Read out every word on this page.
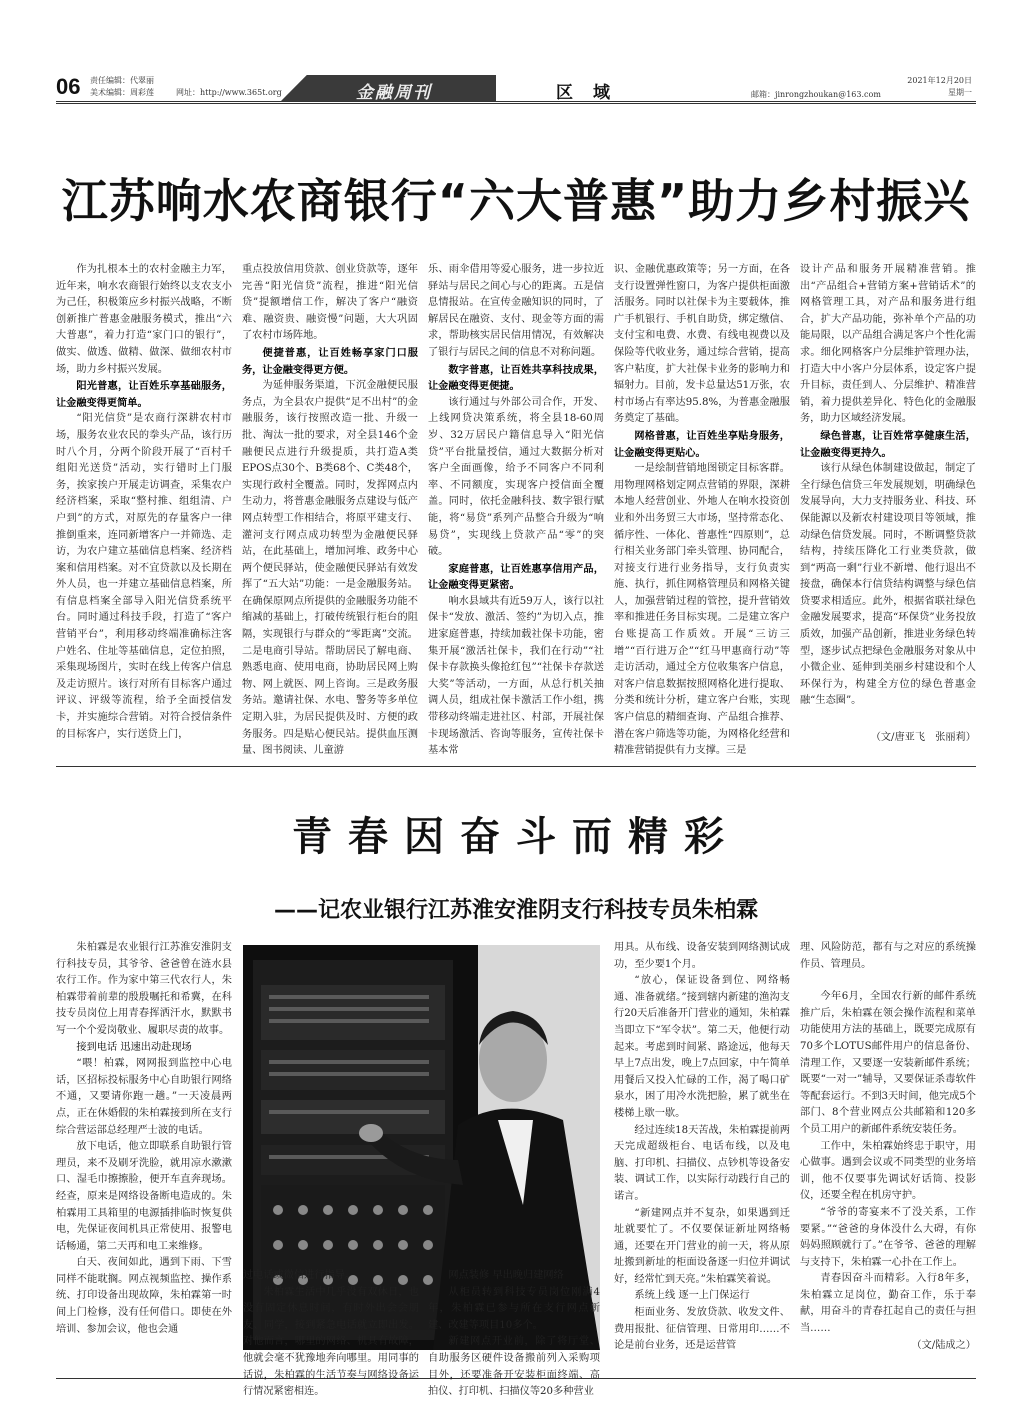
06 责任编辑：代翠丽
美术编辑：周彩莲	网址：http://www.365t.org	金融周刊	区域	邮箱：jinrongzhoukan@163.com
2021年12月20日
星期一
江苏响水农商银行“六大普惠”助力乡村振兴

作为扎根本土的农村金融主力军，近年来，响水农商银行始终以支农支小为己任，积极策应乡村振兴战略，不断创新推广普惠金融服务模式，推出“六大普惠”，着力打造“家门口的银行”，做实、做透、做精、做深、做细农村市场，助力乡村振兴发展。

阳光普惠，让百姓乐享基础服务，让金融变得更简单。

“阳光信贷”是农商行深耕农村市场，服务农业农民的拳头产品，该行历时八个月，分两个阶段开展了“百村千组阳光送贷”活动，实行错时上门服务，挨家挨户开展走访调查，采集农户经济档案，采取“整村推、组组清、户户到”的方式，对原先的存量客户一律推倒重来，连同新增客户一并筛选、走访，为农户建立基础信息档案、经济档案和信用档案。对不宜贷款以及长期在外人员，也一并建立基础信息档案，所有信息档案全部导入阳光信贷系统平台。同时通过科技手段，打造了“客户营销平台”，利用移动终端准确标注客户姓名、住址等基础信息，定位拍照，采集现场图片，实时在线上传客户信息及走访照片。该行对所有目标客户通过评议、评级等流程，给予全面授信发卡，并实施综合营销。对符合授信条件的目标客户，实行送贷上门，

重点投放信用贷款、创业贷款等，逐年完善“阳光信贷”流程，推进“阳光信贷”提额增信工作，解决了客户“融资难、融资贵、融资慢”问题，大大巩固了农村市场阵地。

便捷普惠，让百姓畅享家门口服务，让金融变得更方便。

为延伸服务渠道，下沉金融便民服务点，为全县农户提供“足不出村”的金融服务，该行按照改造一批、升级一批、淘汰一批的要求，对全县146个金融便民点进行升级提质，共打造A类EPOS点30个、B类68个、C类48个，实现行政村全覆盖。同时，发挥网点内生动力，将普惠金融服务点建设与低产网点转型工作相结合，将原平建支行、灌河支行网点成功转型为金融便民驿站，在此基础上，增加河堆、政务中心两个便民驿站，使金融便民驿站有效发挥了“五大站”功能：一是金融服务站。在确保原网点所提供的金融服务功能不缩减的基础上，打破传统银行柜台的阻隔，实现银行与群众的“零距离”交流。二是电商引导站。帮助居民了解电商、熟悉电商、使用电商，协助居民网上购物、网上就医、网上咨询。三是政务服务站。邀请社保、水电、警务等多单位定期入驻，为居民提供及时、方便的政务服务。四是贴心便民站。提供血压测量、图书阅读、儿童游

乐、雨伞借用等爱心服务，进一步拉近驿站与居民之间心与心的距离。五是信息情报站。在宣传金融知识的同时，了解居民在融资、支付、现金等方面的需求，帮助核实居民信用情况，有效解决了银行与居民之间的信息不对称问题。

数字普惠，让百姓共享科技成果，让金融变得更便捷。

该行通过与外部公司合作，开发、上线网贷决策系统，将全县18-60周岁、32万居民户籍信息导入“阳光信贷”平台批量授信，通过大数据分析对客户全面画像，给予不同客户不同利率、不同额度，实现客户授信面全覆盖。同时，依托金融科技、数字银行赋能，将“易贷”系列产品整合升级为“响易贷”，实现线上贷款产品“零”的突破。

家庭普惠，让百姓惠享信用产品，让金融变得更紧密。

响水县域共有近59万人，该行以社保卡“发放、激活、签约”为切入点，推进家庭普惠，持续加载社保卡功能，密集开展“激活社保卡，我们在行动”“社保卡存款换头像抢红包”“社保卡存款送大奖”等活动，一方面，从总行机关抽调人员，组成社保卡激活工作小组，携带移动终端走进社区、村部，开展社保卡现场激活、咨询等服务，宣传社保卡基本常

识、金融优惠政策等；另一方面，在各支行设置弹性窗口，为客户提供柜面激活服务。同时以社保卡为主要载体，推广手机银行、手机自助贷，绑定缴信、支付宝和电费、水费、有线电视费以及保险等代收业务，通过综合营销，提高客户粘度，扩大社保卡业务的影响力和辐射力。目前，发卡总量达51万张，农村市场占有率达95.8%，为普惠金融服务奠定了基础。

网格普惠，让百姓坐享贴身服务，让金融变得更贴心。

一是绘制营销地图锁定目标客群。用物理网格划定网点营销的界限，深耕本地人经营创业、外地人在响水投资创业和外出务贸三大市场，坚持常态化、循序性、一体化、普惠性“四原则”，总行相关业务部门牵头管理、协同配合，对接支行进行业务指导，支行负责实施、执行，抓住网格管理员和网格关键人，加强营销过程的管控，提升营销效率和推进任务目标实现。二是建立客户台账提高工作质效。开展“三访三增”“百行进万企”“红马甲惠商行动”等走访活动，通过全方位收集客户信息，对客户信息数据按照网格化进行提取、分类和统计分析，建立客户台账，实现客户信息的精细查询、产品组合推荐、潜在客户筛选等功能，为网格化经营和精准营销提供有力支撑。三是

设计产品和服务开展精准营销。推出“产品组合+营销方案+营销话术”的网格管理工具，对产品和服务进行组合，扩大产品功能，弥补单个产品的功能局限，以产品组合满足客户个性化需求。细化网格客户分层维护管理办法，打造大中小客户分层体系，设定客户提升目标，责任到人、分层维护、精准营销，着力提供差异化、特色化的金融服务，助力区域经济发展。

绿色普惠，让百姓常享健康生活，让金融变得更持久。

该行从绿色体制建设做起，制定了全行绿色信贷三年发展规划，明确绿色发展导向，大力支持服务业、科技、环保能源以及新农村建设项目等领域，推动绿色信贷发展。同时，不断调整贷款结构，持续压降化工行业类贷款，做到“两高一剩”行业不新增、他行退出不接盘，确保本行信贷结构调整与绿色信贷要求相适应。此外，根据省联社绿色金融发展要求，提高“环保贷”业务投放质效，加强产品创新，推进业务绿色转型，逐步试点把绿色金融服务对象从中小微企业、延伸到美丽乡村建设和个人环保行为，构建全方位的绿色普惠金融“生态圈”。

（文/唐亚飞　张丽莉）

青春因奋斗而精彩
——记农业银行江苏淮安淮阴支行科技专员朱柏霖

朱柏霖是农业银行江苏淮安淮阴支行科技专员，其爷爷、爸爸曾在涟水县农行工作。作为家中第三代农行人，朱柏霖带着前辈的殷殷嘱托和希冀，在科技专员岗位上用青春挥洒汗水，默默书写一个个爱岗敬业、履职尽责的故事。

接到电话 迅速出动赴现场

“喂！柏霖，网网报到监控中心电话，区招标投标服务中心自助银行网络不通，又要请你跑一趟。”一天凌晨两点，正在休婚假的朱柏霖接到所在支行综合营运部总经理严士波的电话。

放下电话，他立即联系自助银行管理员，来不及刷牙洗脸，就用凉水漱漱口、湿毛巾擦擦脸，便开车直奔现场。经查，原来是网络设备断电造成的。朱柏霖用工具箱里的电源插排临时恢复供电，先保证夜间机具正常使用、报警电话畅通，第二天再和电工来维修。

白天、夜间如此，遇到下雨、下雪同样不能耽搁。网点视频监控、操作系统、打印设备出现故障，朱柏霖第一时间上门检修，没有任何借口。即使在外培训、参加会议，他也会通

用具。从布线、设备安装到网络测试成功，至少要1个月。

“放心，保证设备到位、网络畅通、准备就绪。”接到辖内新建的渔沟支行20天后准备开门营业的通知，朱柏霖当即立下“军令状”。第二天，他便行动起来。考虑到时间紧、路途远，他每天早上7点出发，晚上7点回家，中午简单用餐后又投入忙碌的工作，渴了喝口矿泉水，困了用冷水洗把脸，累了就坐在楼梯上歇一歇。

经过连续18天苦战，朱柏霖提前两天完成超级柜台、电话布线，以及电脑、打印机、扫描仪、点钞机等设备安装、调试工作，以实际行动践行自己的诺言。

“新建网点并不复杂，如果遇到迁址就要忙了。不仅要保证新址网络畅通，还要在开门营业的前一天，将从原址搬到新址的柜面设备逐一归位并调试好，经常忙到天亮。”朱柏霖笑着说。

系统上线 逐一上门保运行

柜面业务、发放贷款、收发文件、费用报批、征信管理、日常用印……不论是前台业务，还是运营管

理、风险防范，都有与之对应的系统操作员、管理员。

今年6月，全国农行新的邮件系统推广后，朱柏霖在领会操作流程和菜单功能使用方法的基础上，既要完成原有70多个LOTUS邮件用户的信息备份、清理工作，又要逐一安装新邮件系统；既要“一对一”辅导，又要保证杀毒软件等配套运行。不到3天时间，他完成5个部门、8个营业网点公共邮箱和120多个员工用户的新邮件系统安装任务。

工作中，朱柏霖始终忠于职守，用心做事。遇到会议或不同类型的业务培训，他不仅要事先调试好话筒、投影仪，还要全程在机房守护。

“爷爷的寄宴来不了没关系，工作要紧。”“爸爸的身体没什么大碍，有你妈妈照顾就行了。”在爷爷、爸爸的理解与支持下，朱柏霖一心扑在工作上。

青春因奋斗而精彩。入行8年多，朱柏霖立足岗位，勤奋工作，乐于奉献，用奋斗的青春扛起自己的责任与担当……

（文/陆成之）

过电话或微信进行指导。

朱柏霖生活中几乎没有双休日，也没有固定休息时间，有时外出会会朋友、同学，接到紧急电话就立即出发。对他而言，哪里的网络、机具有故障，他就会毫不犹豫地奔向哪里。用同事的话说，朱柏霖的生活节奏与网络设备运行情况紧密相连。

网点装修 早出晚归建网络

从柜员转到科技专员岗位刚满4年，朱柏霖已参与所在支行网点新建、改建等项目10多个。

新建网点开业前，除了将厅堂、自助服务区硬件设备搬前列入采购项目外，还要准备开安装柜面终端、高拍仪、打印机、扫描仪等20多种营业
